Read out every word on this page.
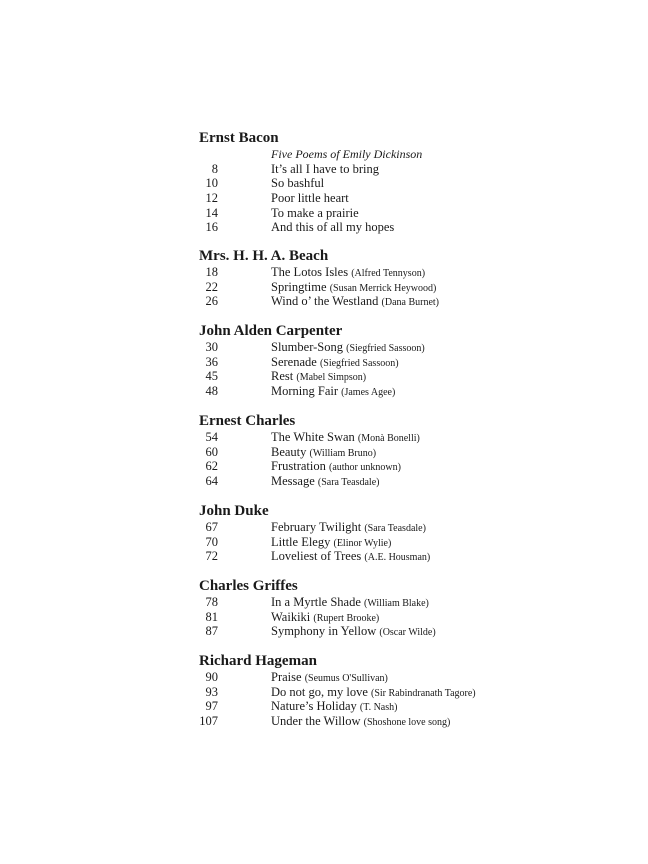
Ernst Bacon
Five Poems of Emily Dickinson
8	It’s all I have to bring
10	So bashful
12	Poor little heart
14	To make a prairie
16	And this of all my hopes
Mrs. H. H. A. Beach
18	The Lotos Isles (Alfred Tennyson)
22	Springtime (Susan Merrick Heywood)
26	Wind o’ the Westland (Dana Burnet)
John Alden Carpenter
30	Slumber-Song (Siegfried Sassoon)
36	Serenade (Siegfried Sassoon)
45	Rest (Mabel Simpson)
48	Morning Fair (James Agee)
Ernest Charles
54	The White Swan (Monà Bonelli)
60	Beauty (William Bruno)
62	Frustration (author unknown)
64	Message (Sara Teasdale)
John Duke
67	February Twilight (Sara Teasdale)
70	Little Elegy (Elinor Wylie)
72	Loveliest of Trees (A.E. Housman)
Charles Griffes
78	In a Myrtle Shade (William Blake)
81	Waikiki (Rupert Brooke)
87	Symphony in Yellow (Oscar Wilde)
Richard Hageman
90	Praise (Seumus O'Sullivan)
93	Do not go, my love (Sir Rabindranath Tagore)
97	Nature’s Holiday (T. Nash)
107	Under the Willow (Shoshone love song)
